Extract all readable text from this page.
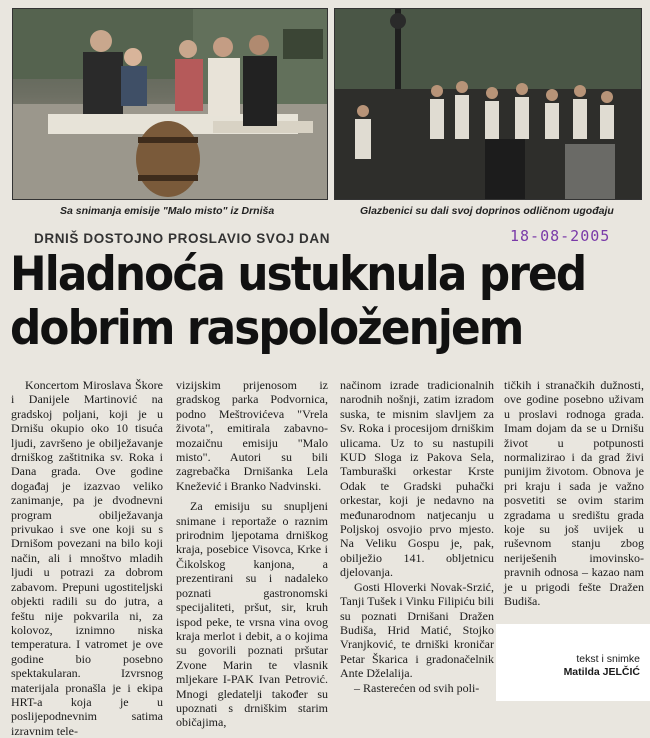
Sa snimanja emisije "Malo misto" iz Drniša	Glazbenici su dali svoj doprinos odličnom ugođaju
DRNIŠ DOSTOJNO PROSLAVIO SVOJ DAN	18-08-2005
Hladnoća ustuknula pred
dobrim raspoloženjem

Koncertom Miroslava Škore i Danijele Martinović na gradskoj poljani, koji je u Drnišu okupio oko 10 tisuća ljudi, završeno je obilježavanje drniškog zaštitnika sv. Roka i Dana grada. Ove godine događaj je izazvao veliko zanimanje, pa je dvodnevni program obilježavanja privukao i sve one koji su s Drnišom povezani na bilo koji način, ali i mnoštvo mladih ljudi u potrazi za dobrom zabavom. Prepuni ugostiteljski objekti radili su do jutra, a feštu nije pokvarila ni, za kolovoz, iznimno niska temperatura. I vatromet je ove godine bio posebno spektakularan. Izvrsnog materijala pronašla je i ekipa HRT-a koja je u poslijepodnevnim satima izravnim tele-

vizijskim prijenosom iz gradskog parka Podvornica, podno Meštrovićeva "Vrela života", emitirala zabavno-mozaičnu emisiju "Malo misto". Autori su bili zagrebačka Drnišanka Lela Knežević i Branko Nadvinski.

Za emisiju su snupljeni snimane i reportaže o raznim prirodnim ljepotama drniškog kraja, posebice Visovca, Krke i Čikolskog kanjona, a prezentirani su i nadaleko poznati gastronomski specijaliteti, pršut, sir, kruh ispod peke, te vrsna vina ovog kraja merlot i debit, a o kojima su govorili poznati pršutar Zvone Marin te vlasnik mljekare I-PAK Ivan Petrović. Mnogi gledatelji također su upoznati s drniškim starim običajima,

načinom izrade tradicionalnih narodnih nošnji, zatim izradom suska, te misnim slavljem za Sv. Roka i procesijom drniškim ulicama. Uz to su nastupili KUD Sloga iz Pakova Sela, Tamburaški orkestar Krste Odak te Gradski puhački orkestar, koji je nedavno na međunarodnom natjecanju u Poljskoj osvojio prvo mjesto. Na Veliku Gospu je, pak, obilježio 141. obljetnicu djelovanja.

Gosti Hloverki Novak-Srzić, Tanji Tušek i Vinku Filipiću bili su poznati Drnišani Dražen Budiša, Hrid Matić, Stojko Vranjković, te drniški kroničar Petar Škarica i gradonačelnik Ante Dželalija.

– Rasterećen od svih poli-

tičkih i stranačkih dužnosti, ove godine posebno uživam u proslavi rodnoga grada. Imam dojam da se u Drnišu život u potpunosti normalizirao i da grad živi punijim životom. Obnova je pri kraju i sada je važno posvetiti se ovim starim zgradama u središtu grada koje su još uvijek u ruševnom stanju zbog neriješenih imovinsko-pravnih odnosa – kazao nam je u prigodi fešte Dražen Budiša.

tekst i snimke
Matilda JELČIĆ
